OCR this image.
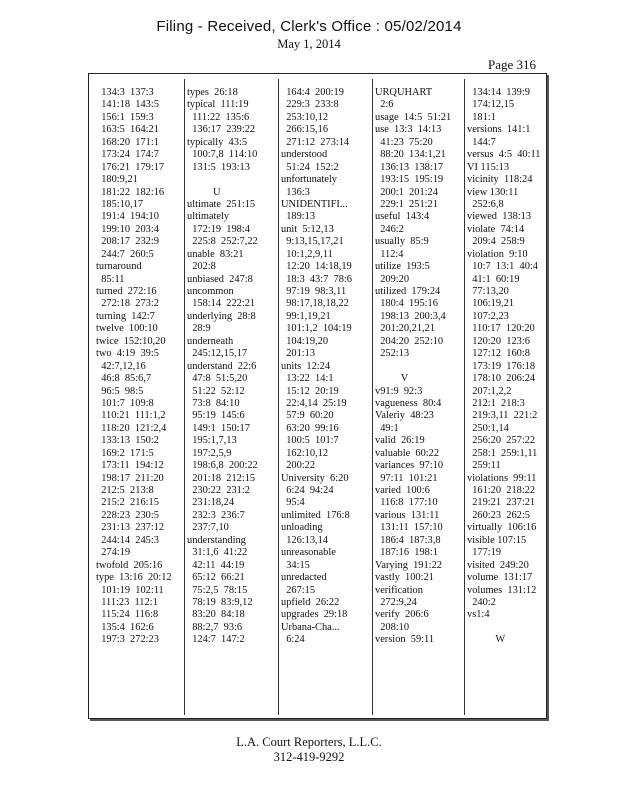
Filing - Received, Clerk's Office : 05/02/2014
May 1, 2014
Page 316
134:3  137:3
141:18  143:5
156:1  159:3
163:5  164:21
168:20  171:1
173:24  174:7
176:21  179:17
180:9,21
181:22  182:16
185:10,17
191:4  194:10
199:10  203:4
208:17  232:9
244:7  260:5
turnaround
85:11
turned  272:16
272:18  273:2
turning  142:7
twelve  100:10
twice  152:10,20
two  4:19  39:5
42:7,12,16
46:8  85:6,7
96:5  98:5
101:7  109:8
110:21  111:1,2
118:20  121:2,4
133:13  150:2
169:2  171:5
173:11  194:12
198:17  211:20
212:5  213:8
215:2  216:15
228:23  230:5
231:13  237:12
244:14  245:3
274:19
twofold  205:16
type  13:16  20:12
101:19  102:11
111:23  112:1
115:24  116:8
135:4  162:6
197:3  272:23
types  26:18
typical  111:19
111:22  135:6
136:17  239:22
typically  43:5
100:7,8  114:10
131:5  193:13
U
ultimate  251:15
ultimately
172:19  198:4
225:8  252:7,22
unable  83:21
202:8
unbiased  247:8
uncommon
158:14  222:21
underlying  28:8
28:9
underneath
245:12,15,17
understand  22:6
47:8  51:5,20
51:22  52:12
73:8  84:10
95:19  145:6
149:1  150:17
195:1,7,13
197:2,5,9
198:6,8  200:22
201:18  212:15
230:22  231:2
231:18,24
232:3  236:7
237:7,10
understanding
31:1,6  41:22
42:11  44:19
65:12  66:21
75:2,5  78:15
78:19  83:9,12
83:20  84:18
88:2,7  93:6
124:7  147:2
164:4  200:19
229:3  233:8
253:10,12
266:15,16
271:12  273:14
understood
51:24  152:2
unfortunately
136:3
UNIDENTIFI...
189:13
unit  5:12,13
9:13,15,17,21
10:1,2,9,11
12:20  14:18,19
18:3  43:7  78:6
97:19  98:3,11
98:17,18,18,22
99:1,19,21
101:1,2  104:19
104:19,20
201:13
units  12:24
13:22  14:1
15:12  20:19
22:4,14  25:19
57:9  60:20
63:20  99:16
100:5  101:7
162:10,12
200:22
University  6:20
6:24  94:24
95:4
unlimited  176:8
unloading
126:13,14
unreasonable
34:15
unredacted
267:15
upfield  26:22
upgrades  29:18
Urbana-Cha...
6:24
URQUHART
2:6
usage  14:5  51:21
use  13:3  14:13
41:23  75:20
88:20  134:1,21
136:13  138:17
193:15  195:19
200:1  201:24
229:1  251:21
useful  143:4
246:2
usually  85:9
112:4
utilize  193:5
209:20
utilized  179:24
180:4  195:16
198:13  200:3,4
201:20,21,21
204:20  252:10
252:13
V
v91:9  92:3
vagueness  80:4
Valeriy  48:23
49:1
valid  26:19
valuable  60:22
variances  97:10
97:11  101:21
varied  100:6
116:8  177:10
various  131:11
131:11  157:10
186:4  187:3,8
187:16  198:1
Varying  191:22
vastly  100:21
verification
272:9,24
verify  206:6
208:10
version  59:11
134:14  139:9
174:12,15
181:1
versions  141:1
144:7
versus  4:5  40:11
VI 115:13
vicinity  118:24
view 130:11
252:6,8
viewed  138:13
violate  74:14
209:4  258:9
violation  9:10
10:7  13:1  40:4
41:1  60:19
77:13,20
106:19,21
107:2,23
110:17  120:20
120:20  123:6
127:12  160:8
173:19  176:18
178:10  206:24
207:1,2,2
212:1  218:3
219:3,11  221:2
250:1,14
256:20  257:22
258:1  259:1,11
259:11
violations  99:11
161:20  218:22
219:21  237:21
260:23  262:5
virtually  106:16
visible 107:15
177:19
visited  249:20
volume  131:17
volumes  131:12
240:2
vs1:4
W
L.A. Court Reporters, L.L.C.
312-419-9292
